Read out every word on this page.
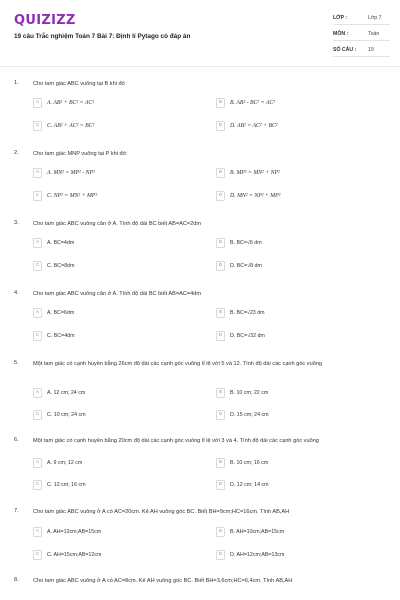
QUIZIZZ
19 câu Trắc nghiệm Toán 7 Bài 7: Định lí Pytago có đáp án
LỚP :	Lớp 7
MÔN :	Toán
SỐ CÂU : 19
1.	Cho tam giác ABC vuông tại B khi đó
A	A. AB² + BC² = AC²	B	B. AB² - BC² = AC²
C	C. AB² + AC² = BC²	D	D. AB² = AC² + BC²
2.	Cho tam giác MNP vuông tại P khi đó:
A	A. MN² = MP² - NP²	B	B. MP² = MN² + NP²
C	C. NP² = MN² + MP²	D	D. MN² = NP² + MP²
3.	Cho tam giác ABC vuông cân ở A. Tính độ dài BC biết AB=AC=2dm
A	A. BC=4dm	B	B. BC=√6 dm
C	C. BC=8dm	D	D. BC=√8 dm
4.	Cho tam giác ABC vuông cân ở A. Tính độ dài BC biết AB=AC=4dm
A	A. BC=6dm	B	B. BC=√23 dm
C	C. BC=4dm	D	D. BC=√32 dm
5.	Một tam giác có cạnh huyền bằng 26cm độ dài các cạnh góc vuông tỉ lệ với 5 và 12. Tính độ dài các cạnh góc vuông
A	A. 12 cm; 24 cm	B	B. 10 cm; 22 cm
C	C. 10 cm; 24 cm	D	D. 15 cm; 24 cm
6.	Một tam giác có cạnh huyền bằng 20cm độ dài các cạnh góc vuông tỉ lệ với 3 và 4. Tính độ dài các cạnh góc vuông
A	A. 9 cm; 12 cm	B	B. 10 cm; 16 cm
C	C. 12 cm; 16 cm	D	D. 12 cm; 14 cm
7.	Cho tam giác ABC vuông ở A có AC=20cm. Kẻ AH vuông góc BC. Biết BH=9cm;HC=16cm. Tính AB,AH
A	A. AH=12cm;AB=15cm	B	B. AH=10cm;AB=15cm
C	C. AH=15cm;AB=12cm	D	D. AH=12cm;AB=13cm
8.	Cho tam giác ABC vuông ở A có AC=8cm. Kẻ AH vuông góc BC. Biết BH=3,6cm;HC=6,4cm. Tính AB,AH
